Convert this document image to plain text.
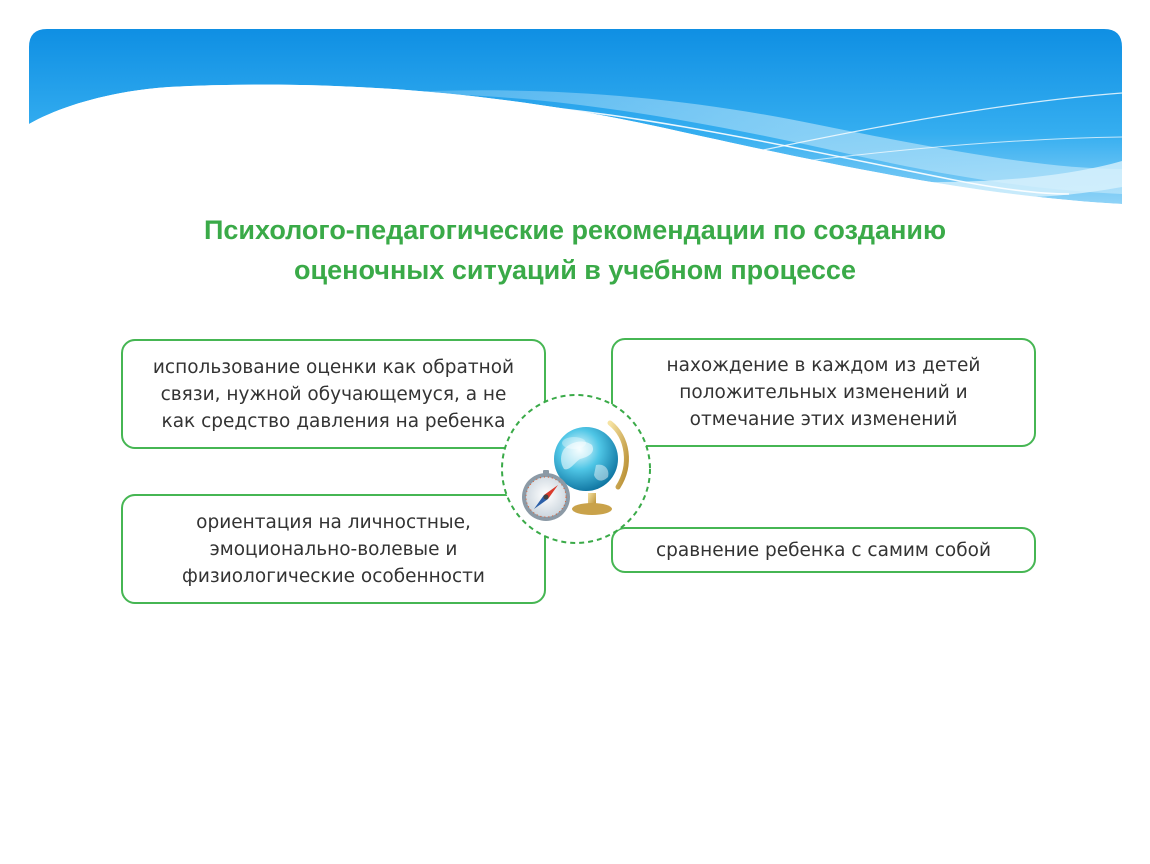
Психолого-педагогические рекомендации по созданию
оценочных ситуаций в учебном процессе
использование оценки как обратной
связи, нужной обучающемуся, а не
как средство давления на ребенка
нахождение в каждом из детей
положительных изменений и
отмечание этих изменений
ориентация на личностные,
эмоционально-волевые и
физиологические особенности
сравнение ребенка с самим собой
